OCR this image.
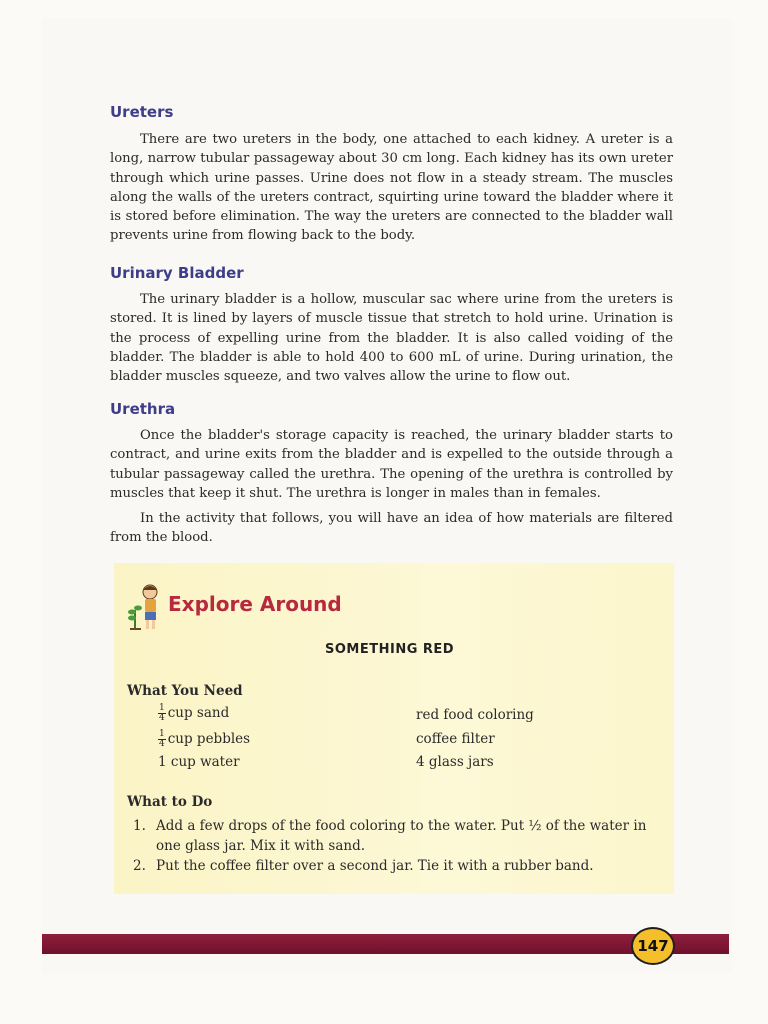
Ureters

There are two ureters in the body, one attached to each kidney. A ureter is a long, narrow tubular passageway about 30 cm long. Each kidney has its own ureter through which urine passes. Urine does not flow in a steady stream. The muscles along the walls of the ureters contract, squirting urine toward the bladder where it is stored before elimination. The way the ureters are connected to the bladder wall prevents urine from flowing back to the body.

Urinary Bladder

The urinary bladder is a hollow, muscular sac where urine from the ureters is stored. It is lined by layers of muscle tissue that stretch to hold urine. Urination is the process of expelling urine from the bladder. It is also called voiding of the bladder. The bladder is able to hold 400 to 600 mL of urine. During urination, the bladder muscles squeeze, and two valves allow the urine to flow out.

Urethra

Once the bladder's storage capacity is reached, the urinary bladder starts to contract, and urine exits from the bladder and is expelled to the outside through a tubular passageway called the urethra. The opening of the urethra is controlled by muscles that keep it shut. The urethra is longer in males than in females.

In the activity that follows, you will have an idea of how materials are filtered from the blood.

Explore Around
SOMETHING RED
What You Need

$\frac{1}{4}$ cup sand

$\frac{1}{4}$ cup pebbles

1 cup water

red food coloring

coffee filter

4 glass jars

What to Do
1. Add a few drops of the food coloring to the water. Put ½ of the water in one glass jar. Mix it with sand.
2. Put the coffee filter over a second jar. Tie it with a rubber band.
147
